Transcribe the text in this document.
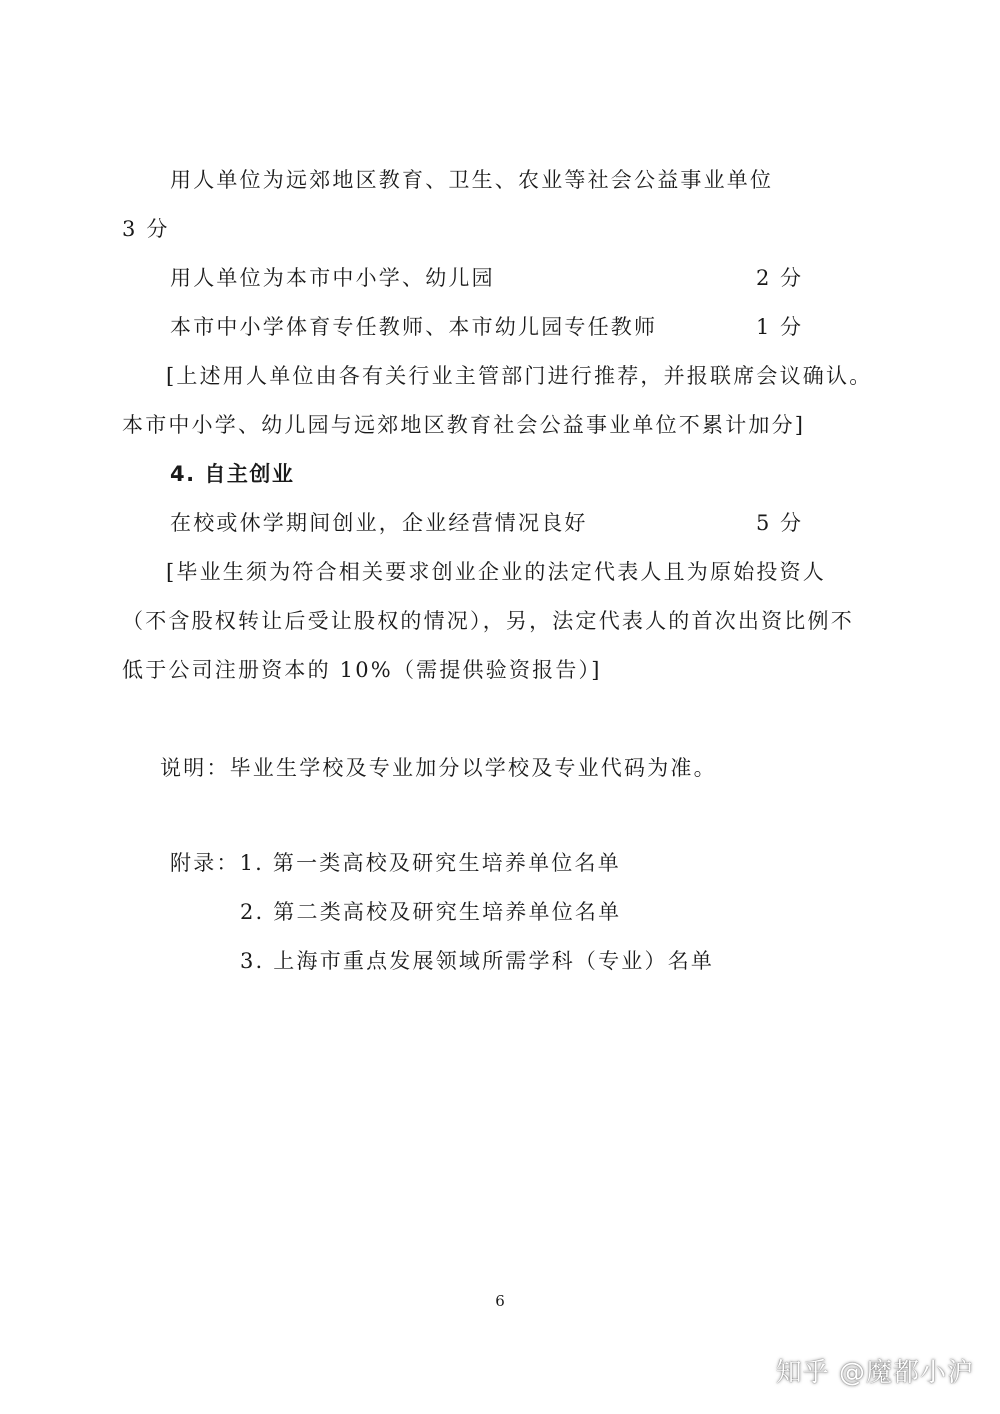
用人单位为远郊地区教育、卫生、农业等社会公益事业单位
3 分
用人单位为本市中小学、幼儿园	2 分
本市中小学体育专任教师、本市幼儿园专任教师	1 分
[上述用人单位由各有关行业主管部门进行推荐，并报联席会议确认。
本市中小学、幼儿园与远郊地区教育社会公益事业单位不累计加分]
4. 自主创业
在校或休学期间创业，企业经营情况良好	5 分
[毕业生须为符合相关要求创业企业的法定代表人且为原始投资人
（不含股权转让后受让股权的情况），另，法定代表人的首次出资比例不
低于公司注册资本的 10%（需提供验资报告）]
说明：毕业生学校及专业加分以学校及专业代码为准。
附录：1. 第一类高校及研究生培养单位名单
2. 第二类高校及研究生培养单位名单
3. 上海市重点发展领域所需学科（专业）名单
6
知乎 @魔都小沪
